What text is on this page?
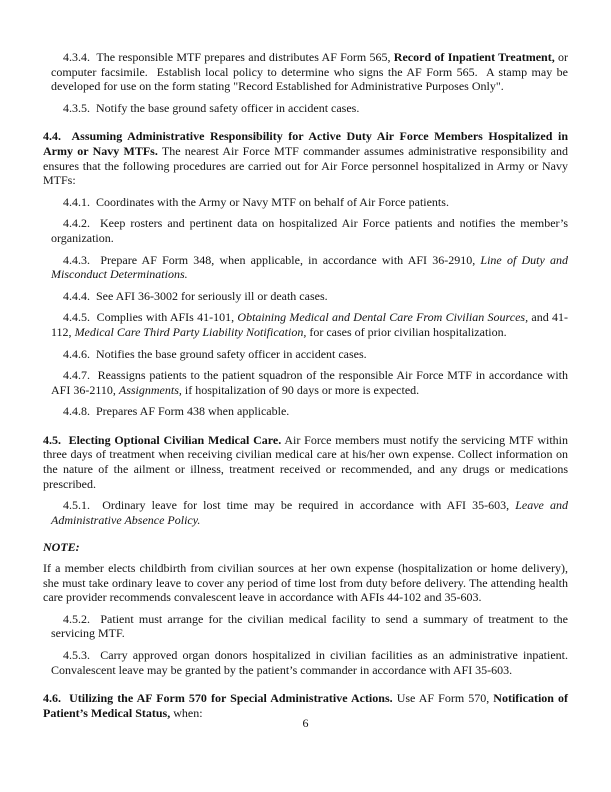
4.3.4.  The responsible MTF prepares and distributes AF Form 565, Record of Inpatient Treatment, or computer facsimile.  Establish local policy to determine who signs the AF Form 565.  A stamp may be developed for use on the form stating "Record Established for Administrative Purposes Only".

4.3.5.  Notify the base ground safety officer in accident cases.

4.4.  Assuming Administrative Responsibility for Active Duty Air Force Members Hospitalized in Army or Navy MTFs. The nearest Air Force MTF commander assumes administrative responsibility and ensures that the following procedures are carried out for Air Force personnel hospitalized in Army or Navy MTFs:

4.4.1.  Coordinates with the Army or Navy MTF on behalf of Air Force patients.

4.4.2.  Keep rosters and pertinent data on hospitalized Air Force patients and notifies the member’s organization.

4.4.3.  Prepare AF Form 348, when applicable, in accordance with AFI 36-2910, Line of Duty and Misconduct Determinations.

4.4.4.  See AFI 36-3002 for seriously ill or death cases.

4.4.5.  Complies with AFIs 41-101, Obtaining Medical and Dental Care From Civilian Sources, and 41-112, Medical Care Third Party Liability Notification, for cases of prior civilian hospitalization.

4.4.6.  Notifies the base ground safety officer in accident cases.

4.4.7.  Reassigns patients to the patient squadron of the responsible Air Force MTF in accordance with AFI 36-2110, Assignments, if hospitalization of 90 days or more is expected.

4.4.8.  Prepares AF Form 438 when applicable.

4.5.  Electing Optional Civilian Medical Care. Air Force members must notify the servicing MTF within three days of treatment when receiving civilian medical care at his/her own expense. Collect information on the nature of the ailment or illness, treatment received or recommended, and any drugs or medications prescribed.

4.5.1.  Ordinary leave for lost time may be required in accordance with AFI 35-603, Leave and Administrative Absence Policy.

NOTE:

If a member elects childbirth from civilian sources at her own expense (hospitalization or home delivery), she must take ordinary leave to cover any period of time lost from duty before delivery. The attending health care provider recommends convalescent leave in accordance with AFIs 44-102 and 35-603.

4.5.2.  Patient must arrange for the civilian medical facility to send a summary of treatment to the servicing MTF.

4.5.3.  Carry approved organ donors hospitalized in civilian facilities as an administrative inpatient. Convalescent leave may be granted by the patient’s commander in accordance with AFI 35-603.

4.6.  Utilizing the AF Form 570 for Special Administrative Actions. Use AF Form 570, Notification of Patient’s Medical Status, when:

6
